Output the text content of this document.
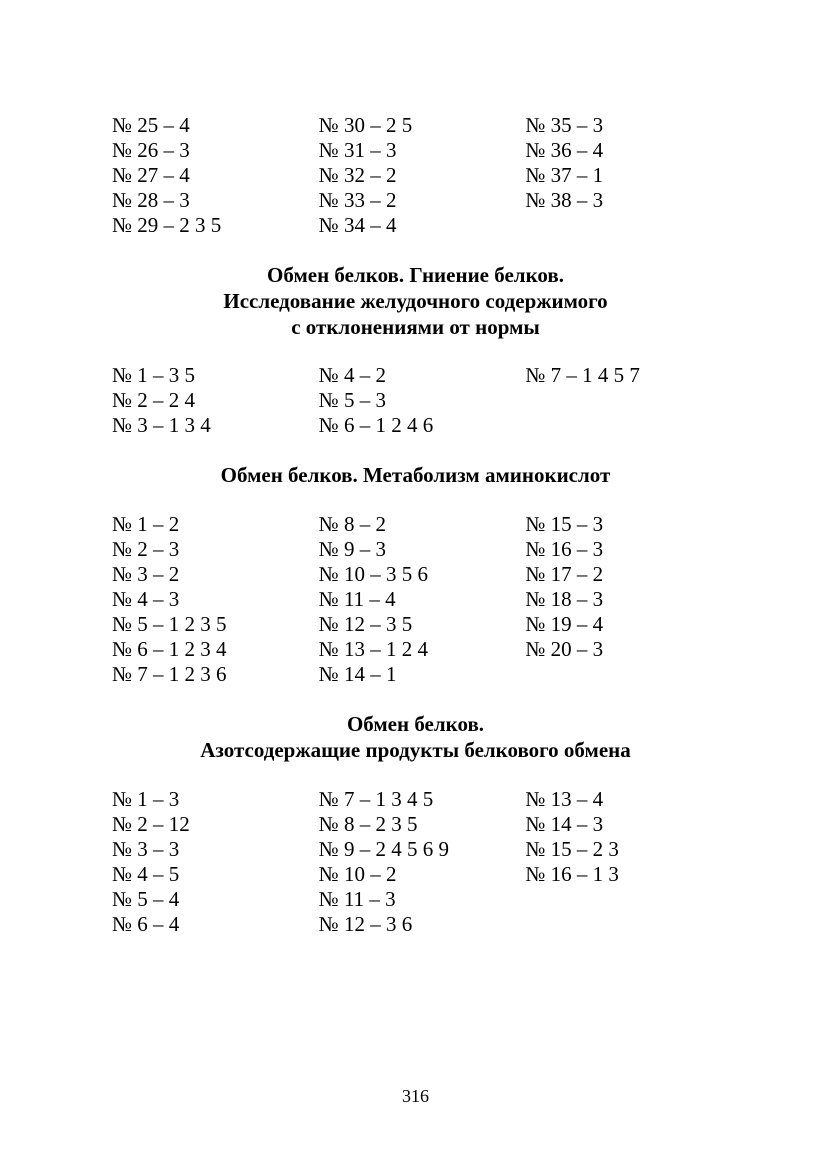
№ 25 – 4
№ 26 – 3
№ 27 – 4
№ 28 – 3
№ 29 – 2 3 5
№ 30 – 2 5
№ 31 – 3
№ 32 – 2
№ 33 – 2
№ 34 – 4
№ 35 – 3
№ 36 – 4
№ 37 – 1
№ 38 – 3
Обмен белков. Гниение белков.
Исследование желудочного содержимого
с отклонениями от нормы
№ 1 – 3 5
№ 2 – 2 4
№ 3 – 1 3 4
№ 4 – 2
№ 5 – 3
№ 6 – 1 2 4 6
№ 7 – 1 4 5 7
Обмен белков. Метаболизм аминокислот
№ 1 – 2
№ 2 – 3
№ 3 – 2
№ 4 – 3
№ 5 – 1 2 3 5
№ 6 – 1 2 3 4
№ 7 – 1 2 3 6
№ 8 – 2
№ 9 – 3
№ 10 – 3 5 6
№ 11 – 4
№ 12 – 3 5
№ 13 – 1 2 4
№ 14 – 1
№ 15 – 3
№ 16 – 3
№ 17 – 2
№ 18 – 3
№ 19 – 4
№ 20 – 3
Обмен белков.
Азотсодержащие продукты белкового обмена
№ 1 – 3
№ 2 – 12
№ 3 – 3
№ 4 – 5
№ 5 – 4
№ 6 – 4
№ 7 – 1 3 4 5
№ 8 – 2 3 5
№ 9 – 2 4 5 6 9
№ 10 – 2
№ 11 – 3
№ 12 – 3 6
№ 13 – 4
№ 14 – 3
№ 15 – 2 3
№ 16 – 1 3
316
